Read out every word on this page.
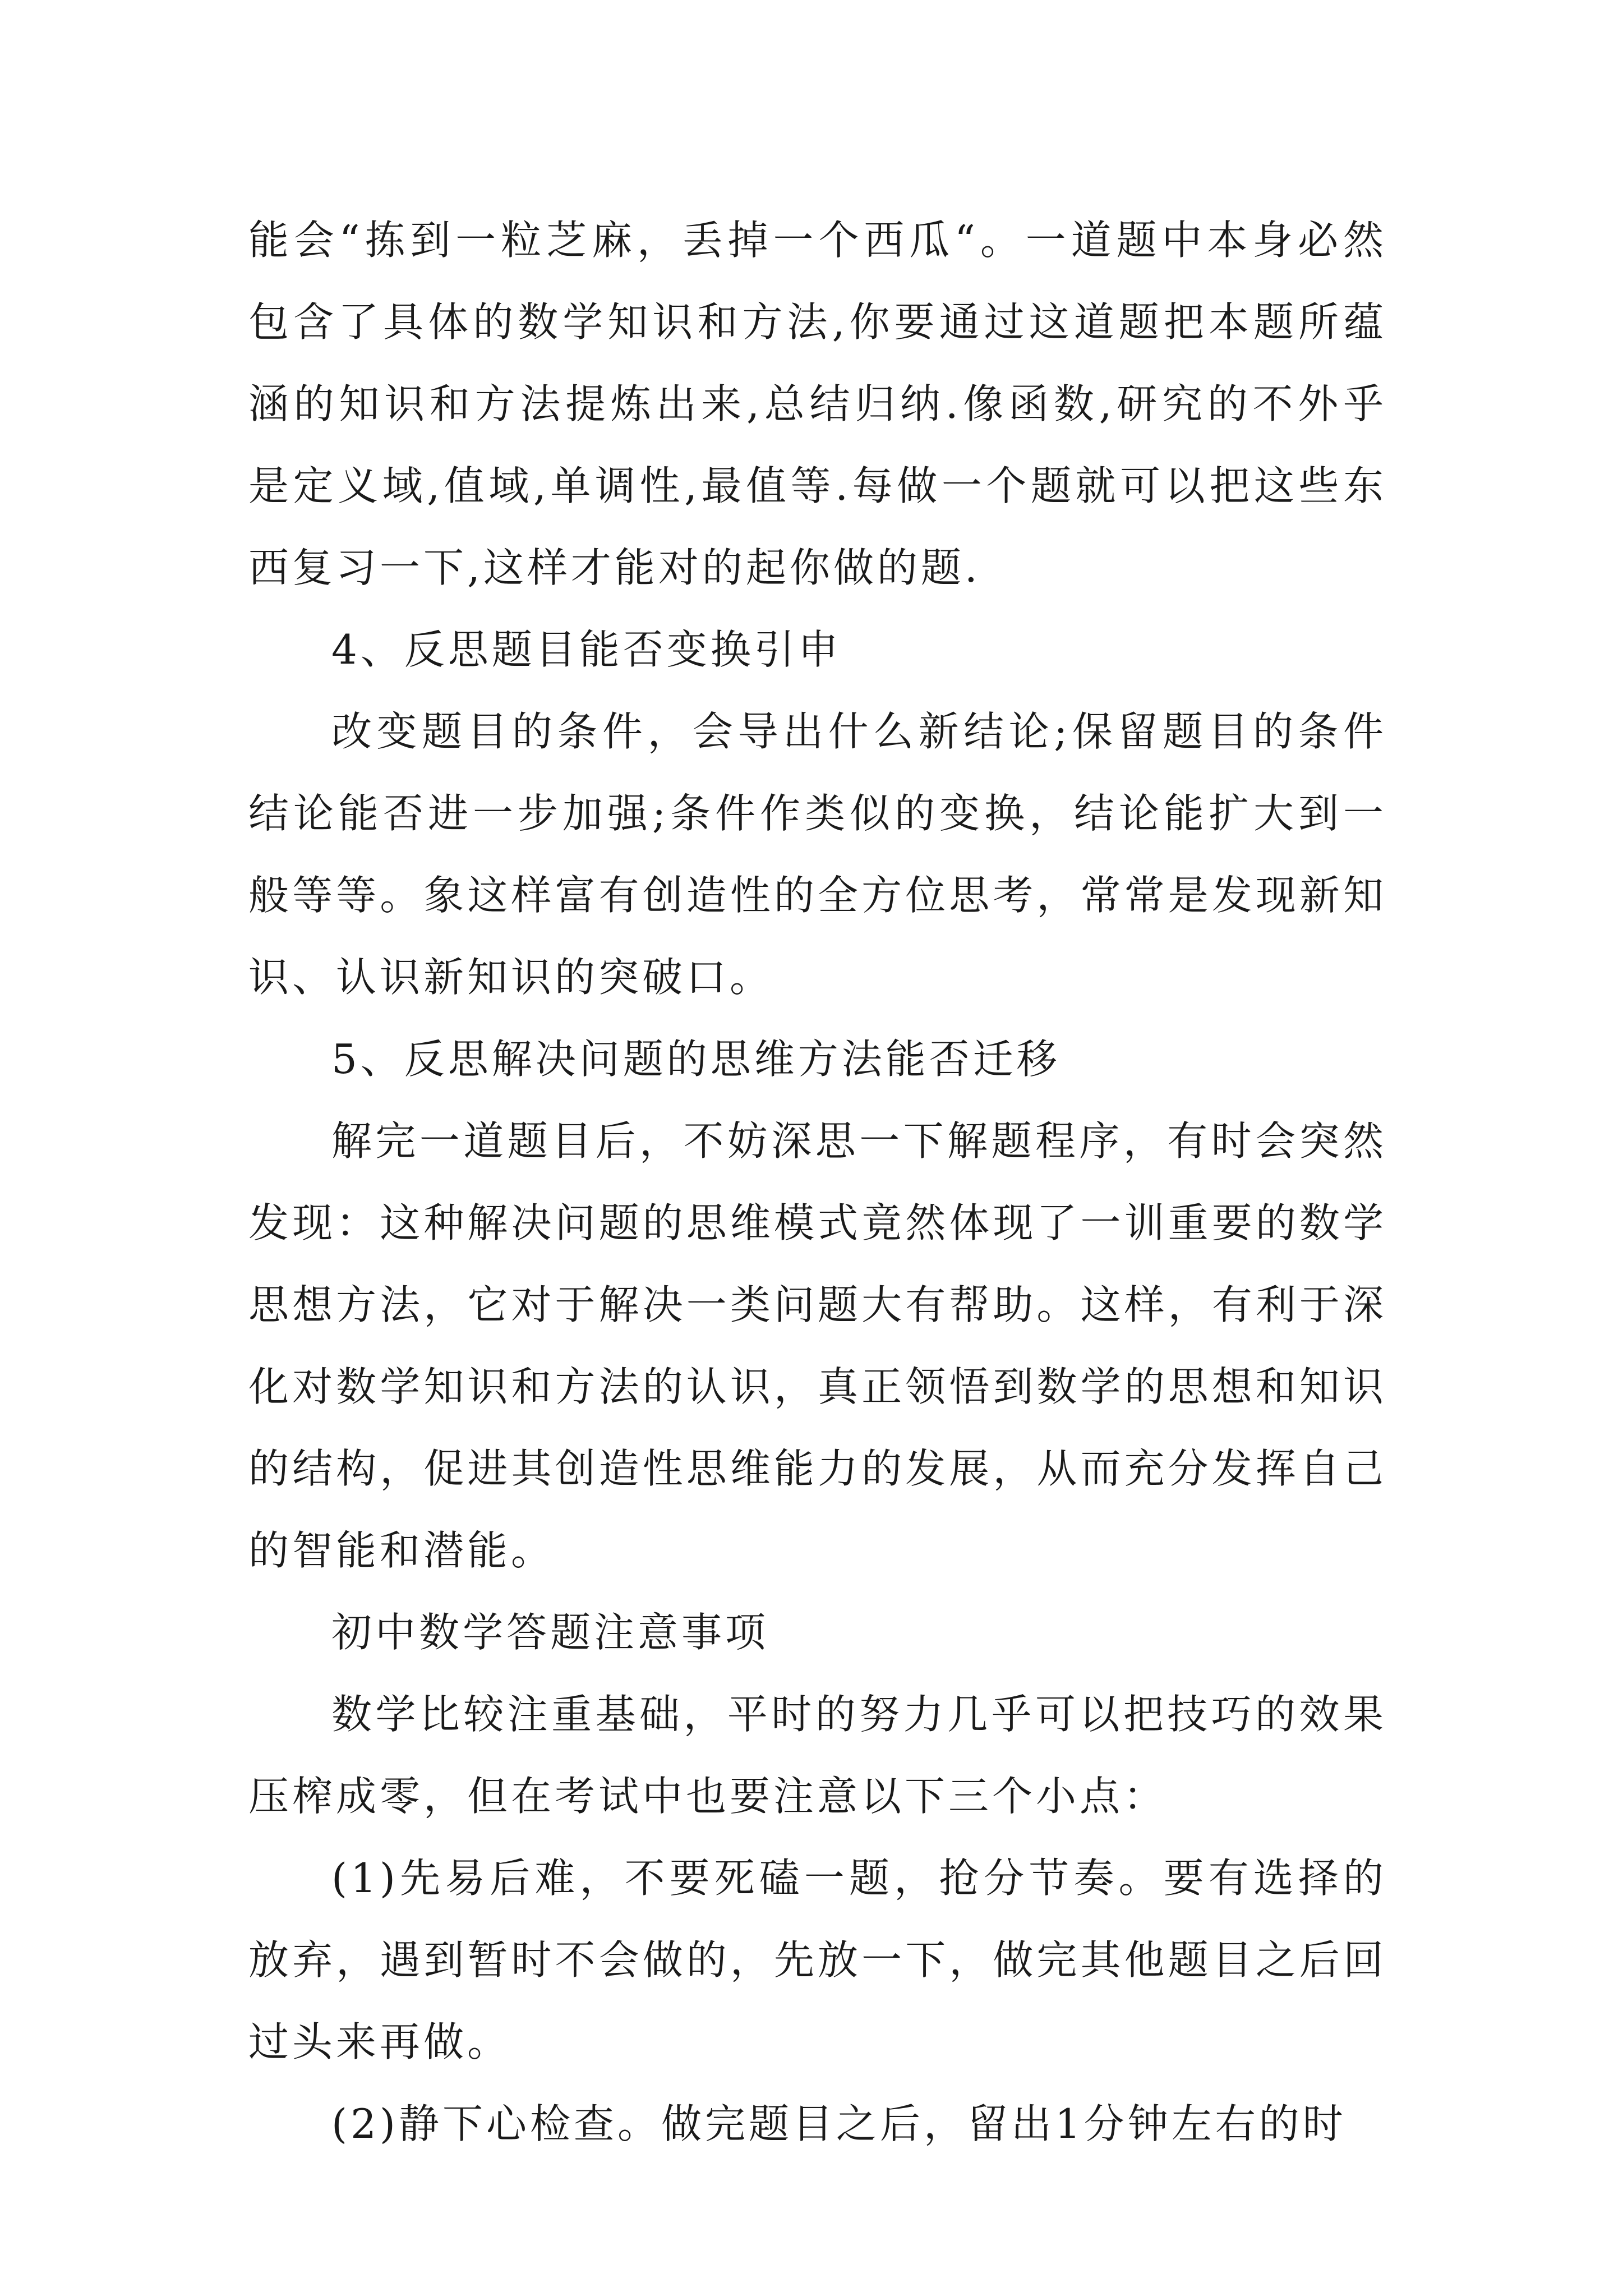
能会“拣到一粒芝麻，丢掉一个西瓜“。一道题中本身必然包含了具体的数学知识和方法,你要通过这道题把本题所蕴涵的知识和方法提炼出来,总结归纳.像函数,研究的不外乎是定义域,值域,单调性,最值等.每做一个题就可以把这些东西复习一下,这样才能对的起你做的题.

4、反思题目能否变换引申

改变题目的条件，会导出什么新结论;保留题目的条件结论能否进一步加强;条件作类似的变换，结论能扩大到一般等等。象这样富有创造性的全方位思考，常常是发现新知识、认识新知识的突破口。

5、反思解决问题的思维方法能否迁移

解完一道题目后，不妨深思一下解题程序，有时会突然发现：这种解决问题的思维模式竟然体现了一训重要的数学思想方法，它对于解决一类问题大有帮助。这样，有利于深化对数学知识和方法的认识，真正领悟到数学的思想和知识的结构，促进其创造性思维能力的发展，从而充分发挥自己的智能和潜能。

初中数学答题注意事项

数学比较注重基础，平时的努力几乎可以把技巧的效果压榨成零，但在考试中也要注意以下三个小点：

(1)先易后难，不要死磕一题，抢分节奏。要有选择的放弃，遇到暂时不会做的，先放一下，做完其他题目之后回过头来再做。

(2)静下心检查。做完题目之后，留出1分钟左右的时
